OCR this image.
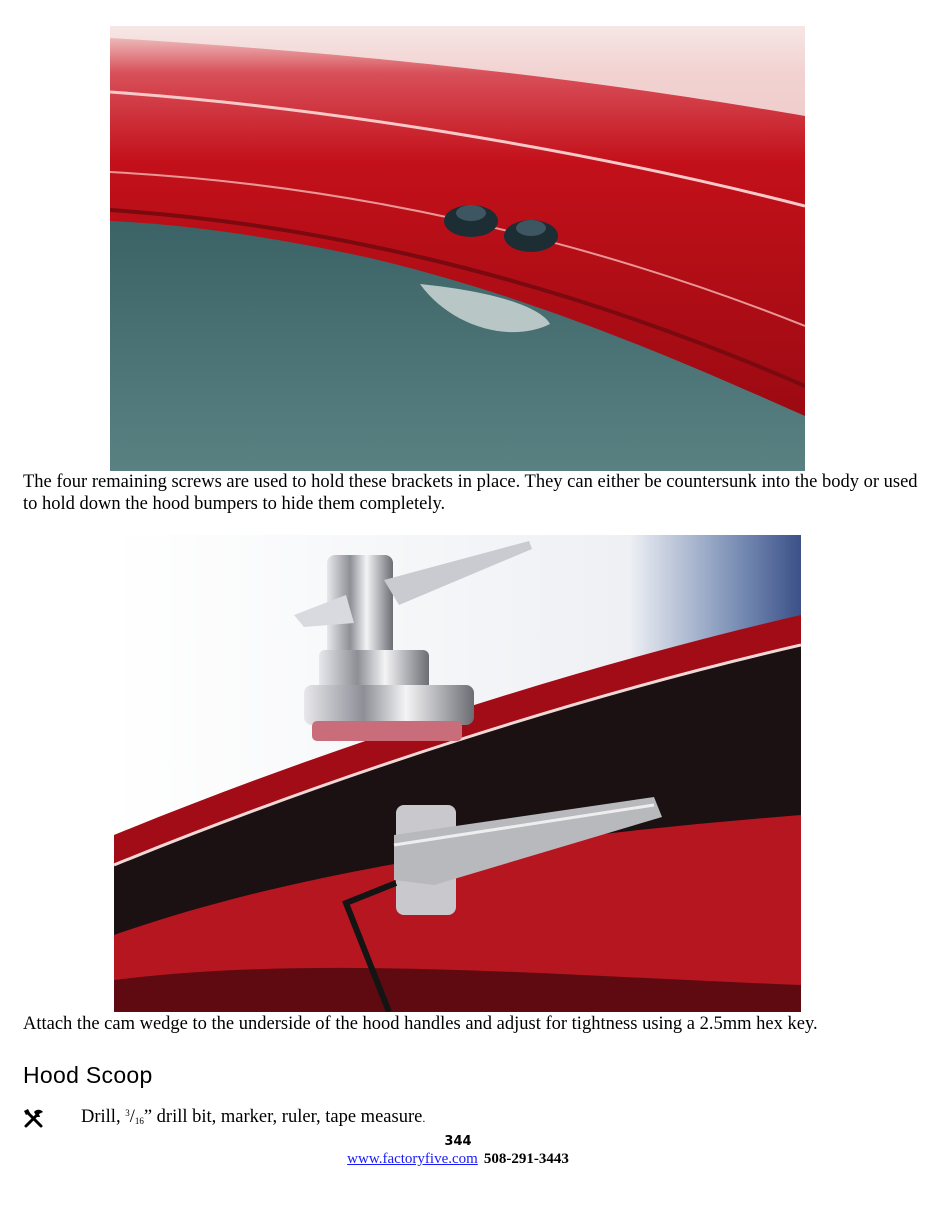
The four remaining screws are used to hold these brackets in place. They can either be countersunk into the body or used to hold down the hood bumpers to hide them completely.

Attach the cam wedge to the underside of the hood handles and adjust for tightness using a 2.5mm hex key.

Hood Scoop
Drill, $^3/_{16}$” drill bit, marker, ruler, tape measure.
344
www.factoryfive.com 508-291-3443
